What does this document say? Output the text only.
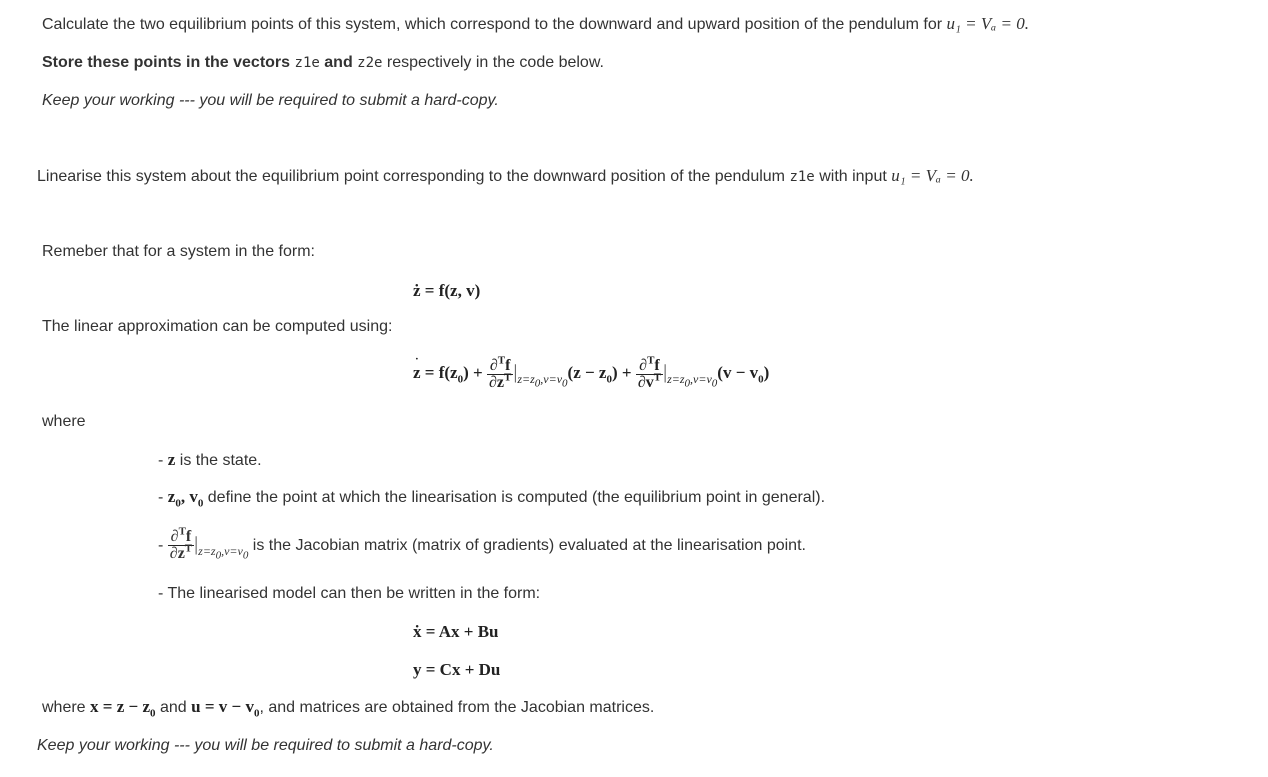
Calculate the two equilibrium points of this system, which correspond to the downward and upward position of the pendulum for u₁ = Vₐ = 0.
Store these points in the vectors z1e and z2e respectively in the code below.
Keep your working --- you will be required to submit a hard-copy.
Linearise this system about the equilibrium point corresponding to the downward position of the pendulum z1e with input u₁ = Vₐ = 0.
Remeber that for a system in the form:
ż = f(z, v)
The linear approximation can be computed using:
˙ $z = f(z_0) + \frac{\partial^Tf}{\partial z^T} |_{z=z_0,v=v_0}(z - z_0) + \frac{\partial^Tf}{\partial v^T} |_{z=z_0,v=v_0}(v - v_0)$
where
- z is the state.
- $z_0$, $v_0$ define the point at which the linearisation is computed (the equilibrium point in general).
- $\frac{\partial^Tf}{\partial z^T} |_{z=z_0,v=v_0}$ is the Jacobian matrix (matrix of gradients) evaluated at the linearisation point.
- The linearised model can then be written in the form:
ẋ = Ax + Bu
y = Cx + Du
where $x = z - z_0$ and $u = v - v_0$, and matrices are obtained from the Jacobian matrices.
Keep your working --- you will be required to submit a hard-copy.
